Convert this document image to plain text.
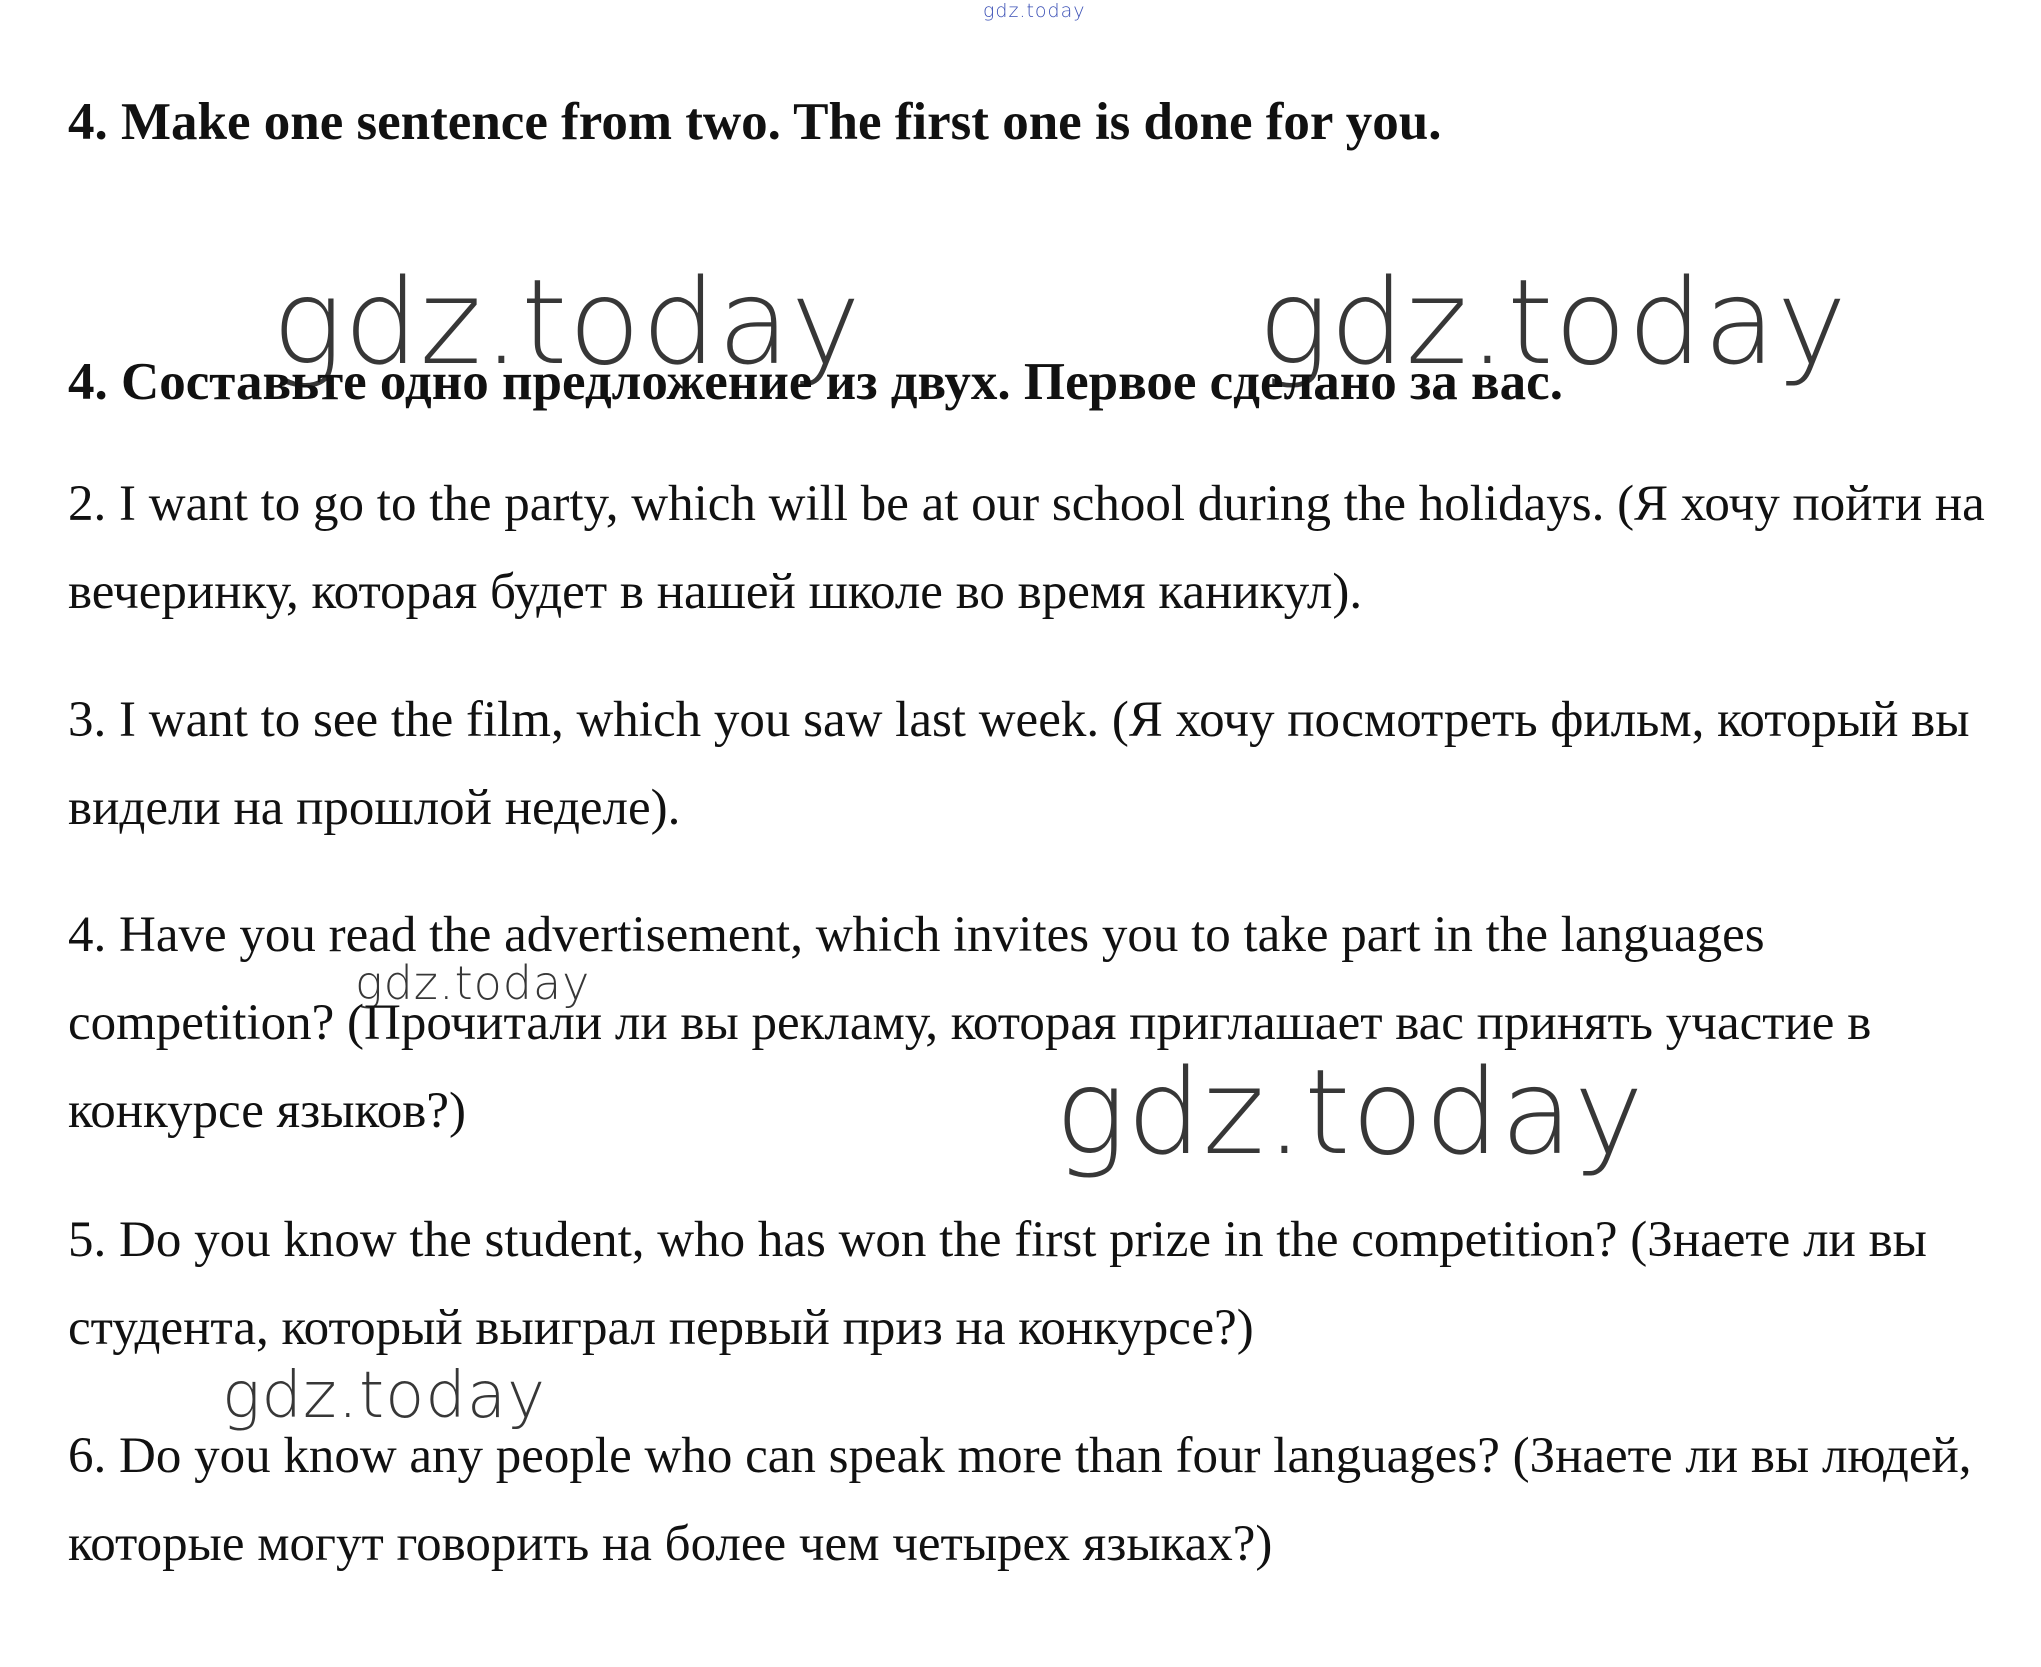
gdz.today
4. Make one sentence from two. The first one is done for you.
gdz.today	gdz.today
4. Составьте одно предложение из двух. Первое сделано за вас.

2. I want to go to the party, which will be at our school during the holidays. (Я хочу пойти на вечеринку, которая будет в нашей школе во время каникул).

3. I want to see the film, which you saw last week. (Я хочу посмотреть фильм, который вы видели на прошлой неделе).

4. Have you read the advertisement, which invites you to take part in the languages competition? (Прочитали ли вы рекламу, которая приглашает вас принять участие в конкурсе языков?)

gdz.today
gdz.today

5. Do you know the student, who has won the first prize in the competition? (Знаете ли вы студента, который выиграл первый приз на конкурсе?)

gdz.today

6. Do you know any people who can speak more than four languages? (Знаете ли вы людей, которые могут говорить на более чем четырех языках?)
